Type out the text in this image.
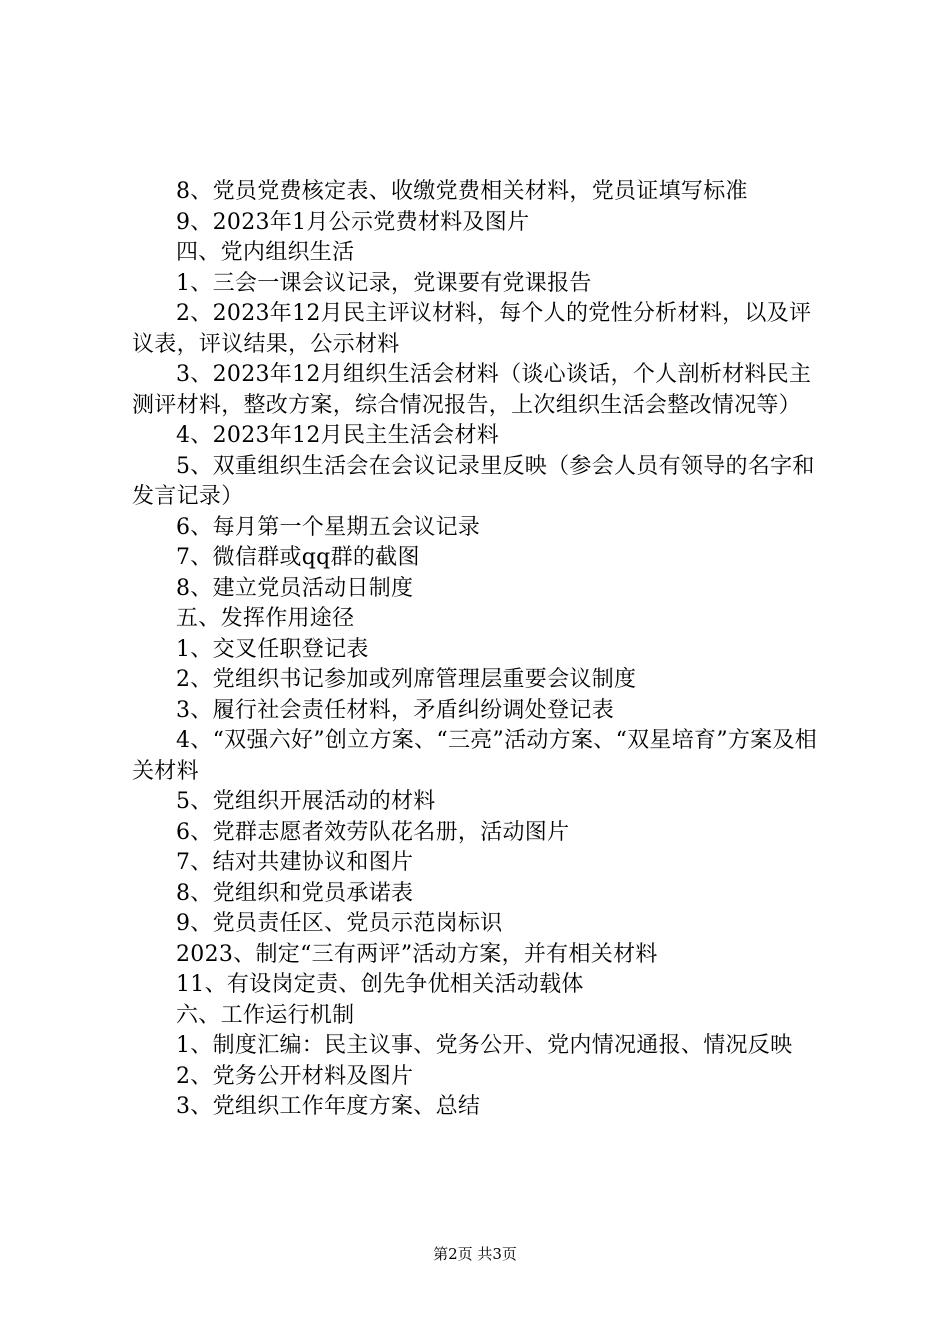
8、党员党费核定表、收缴党费相关材料，党员证填写标准

9、2023年1月公示党费材料及图片

四、党内组织生活

1、三会一课会议记录，党课要有党课报告

2、2023年12月民主评议材料，每个人的党性分析材料，以及评议表，评议结果，公示材料

3、2023年12月组织生活会材料（谈心谈话，个人剖析材料民主测评材料，整改方案，综合情况报告，上次组织生活会整改情况等）

4、2023年12月民主生活会材料

5、双重组织生活会在会议记录里反映（参会人员有领导的名字和发言记录）

6、每月第一个星期五会议记录

7、微信群或qq群的截图

8、建立党员活动日制度

五、发挥作用途径

1、交叉任职登记表

2、党组织书记参加或列席管理层重要会议制度

3、履行社会责任材料，矛盾纠纷调处登记表

4、“双强六好”创立方案、“三亮”活动方案、“双星培育”方案及相关材料

5、党组织开展活动的材料

6、党群志愿者效劳队花名册，活动图片

7、结对共建协议和图片

8、党组织和党员承诺表

9、党员责任区、党员示范岗标识

2023、制定“三有两评”活动方案，并有相关材料

11、有设岗定责、创先争优相关活动载体

六、工作运行机制

1、制度汇编：民主议事、党务公开、党内情况通报、情况反映

2、党务公开材料及图片

3、党组织工作年度方案、总结

第2页 共3页
